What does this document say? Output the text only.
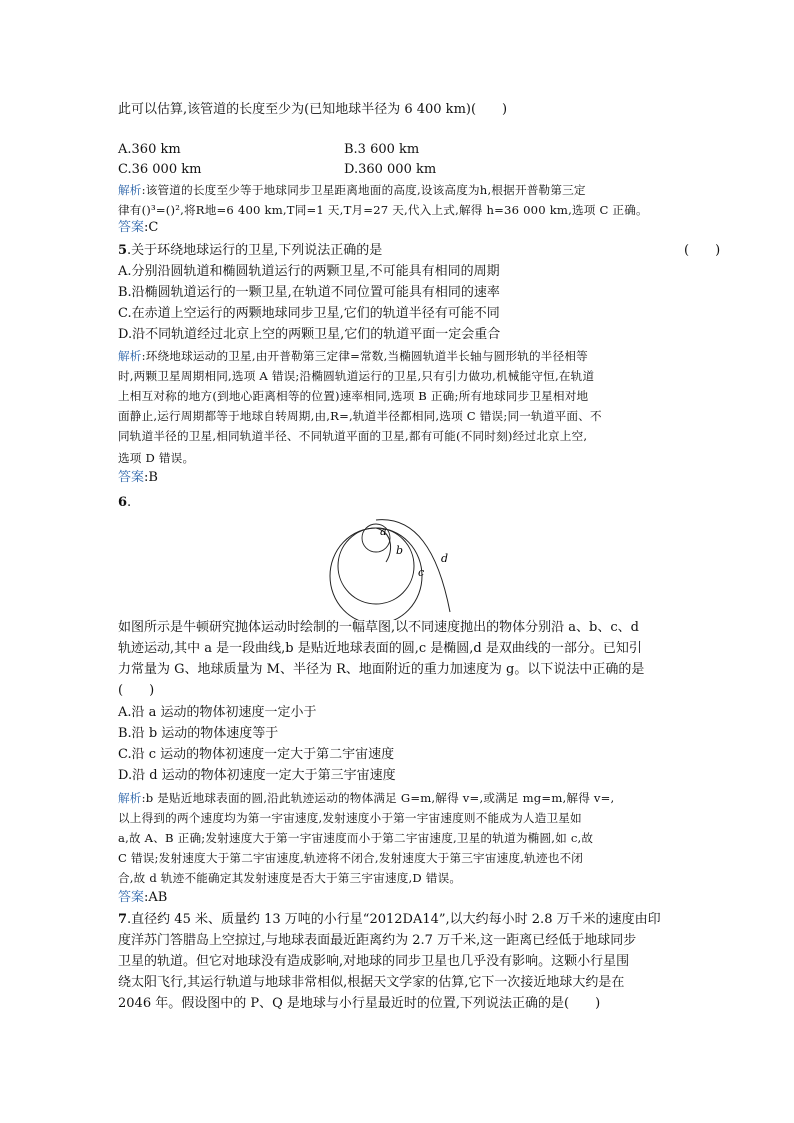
此可以估算,该管道的长度至少为(已知地球半径为 6 400 km)(　　)
A.360 km	B.3 600 km
C.36 000 km	D.360 000 km
解析:该管道的长度至少等于地球同步卫星距离地面的高度,设该高度为h,根据开普勒第三定
律有()³=()²,将R地=6 400 km,T同=1 天,T月=27 天,代入上式,解得 h=36 000 km,选项 C 正确。
答案:C
5.关于环绕地球运行的卫星,下列说法正确的是	(　　)
A.分别沿圆轨道和椭圆轨道运行的两颗卫星,不可能具有相同的周期
B.沿椭圆轨道运行的一颗卫星,在轨道不同位置可能具有相同的速率
C.在赤道上空运行的两颗地球同步卫星,它们的轨道半径有可能不同
D.沿不同轨道经过北京上空的两颗卫星,它们的轨道平面一定会重合
解析:环绕地球运动的卫星,由开普勒第三定律=常数,当椭圆轨道半长轴与圆形轨的半径相等
时,两颗卫星周期相同,选项 A 错误;沿椭圆轨道运行的卫星,只有引力做功,机械能守恒,在轨道
上相互对称的地方(到地心距离相等的位置)速率相同,选项 B 正确;所有地球同步卫星相对地
面静止,运行周期都等于地球自转周期,由,R=,轨道半径都相同,选项 C 错误;同一轨道平面、不
同轨道半径的卫星,相同轨道半径、不同轨道平面的卫星,都有可能(不同时刻)经过北京上空,
选项 D 错误。
答案:B
6.
a
b
c
d
如图所示是牛顿研究抛体运动时绘制的一幅草图,以不同速度抛出的物体分别沿 a、b、c、d
轨迹运动,其中 a 是一段曲线,b 是贴近地球表面的圆,c 是椭圆,d 是双曲线的一部分。已知引
力常量为 G、地球质量为 M、半径为 R、地面附近的重力加速度为 g。以下说法中正确的是
(　　)
A.沿 a 运动的物体初速度一定小于
B.沿 b 运动的物体速度等于
C.沿 c 运动的物体初速度一定大于第二宇宙速度
D.沿 d 运动的物体初速度一定大于第三宇宙速度
解析:b 是贴近地球表面的圆,沿此轨迹运动的物体满足 G=m,解得 v=,或满足 mg=m,解得 v=,
以上得到的两个速度均为第一宇宙速度,发射速度小于第一宇宙速度则不能成为人造卫星如
a,故 A、B 正确;发射速度大于第一宇宙速度而小于第二宇宙速度,卫星的轨道为椭圆,如 c,故
C 错误;发射速度大于第二宇宙速度,轨迹将不闭合,发射速度大于第三宇宙速度,轨迹也不闭
合,故 d 轨迹不能确定其发射速度是否大于第三宇宙速度,D 错误。
答案:AB
7.直径约 45 米、质量约 13 万吨的小行星“2012DA14”,以大约每小时 2.8 万千米的速度由印
度洋苏门答腊岛上空掠过,与地球表面最近距离约为 2.7 万千米,这一距离已经低于地球同步
卫星的轨道。但它对地球没有造成影响,对地球的同步卫星也几乎没有影响。这颗小行星围
绕太阳飞行,其运行轨道与地球非常相似,根据天文学家的估算,它下一次接近地球大约是在
2046 年。假设图中的 P、Q 是地球与小行星最近时的位置,下列说法正确的是(　　)
